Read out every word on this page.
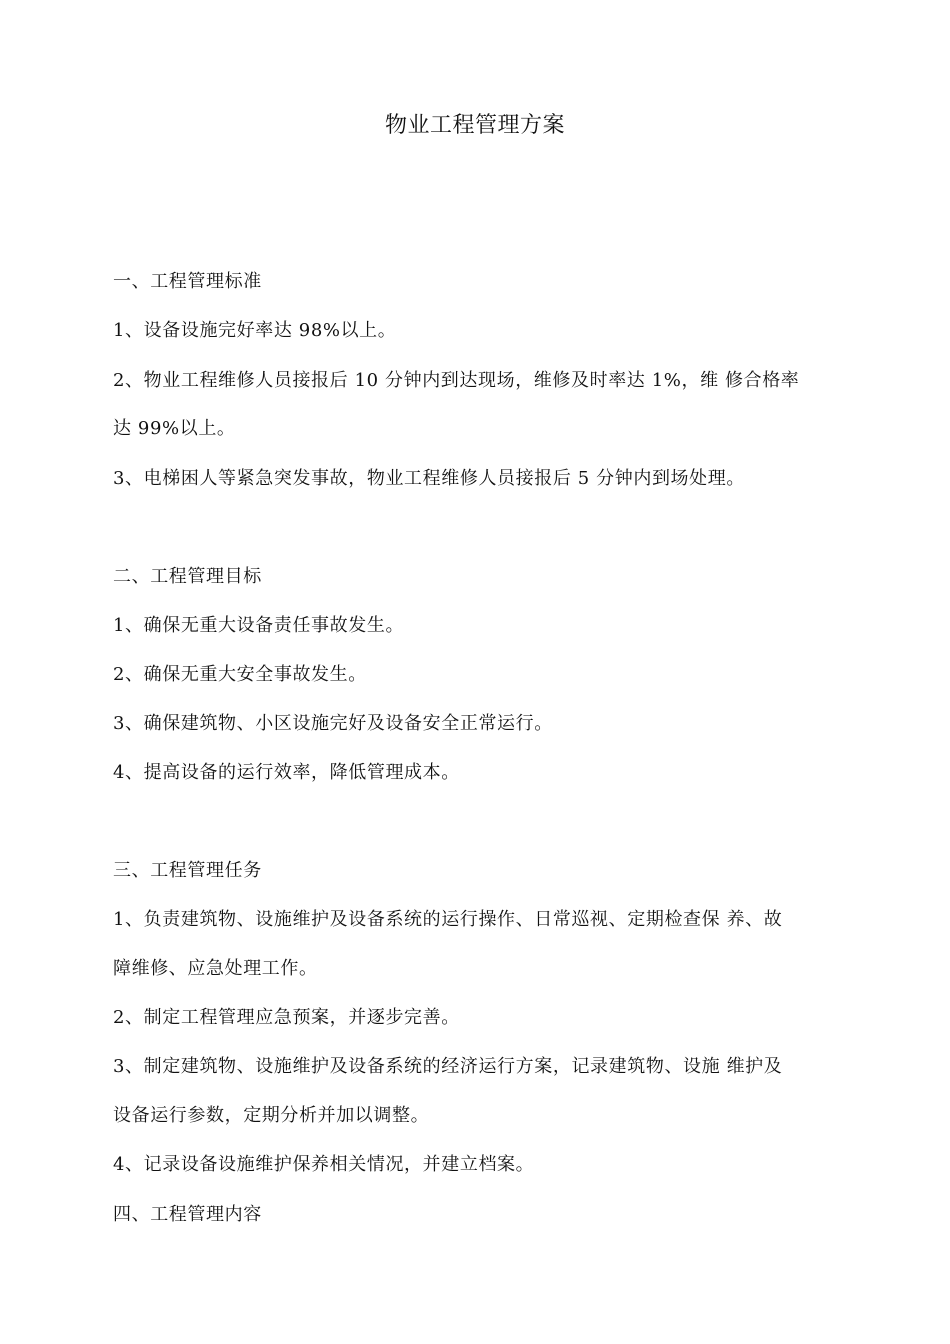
物业工程管理方案
一、工程管理标准
1、设备设施完好率达 98%以上。
2、物业工程维修人员接报后 10 分钟内到达现场，维修及时率达 1%，维 修合格率
达 99%以上。
3、电梯困人等紧急突发事故，物业工程维修人员接报后 5 分钟内到场处理。
二、工程管理目标
1、确保无重大设备责任事故发生。
2、确保无重大安全事故发生。
3、确保建筑物、小区设施完好及设备安全正常运行。
4、提高设备的运行效率，降低管理成本。
三、工程管理任务
1、负责建筑物、设施维护及设备系统的运行操作、日常巡视、定期检查保 养、故
障维修、应急处理工作。
2、制定工程管理应急预案，并逐步完善。
3、制定建筑物、设施维护及设备系统的经济运行方案，记录建筑物、设施 维护及
设备运行参数，定期分析并加以调整。
4、记录设备设施维护保养相关情况，并建立档案。
四、工程管理内容
